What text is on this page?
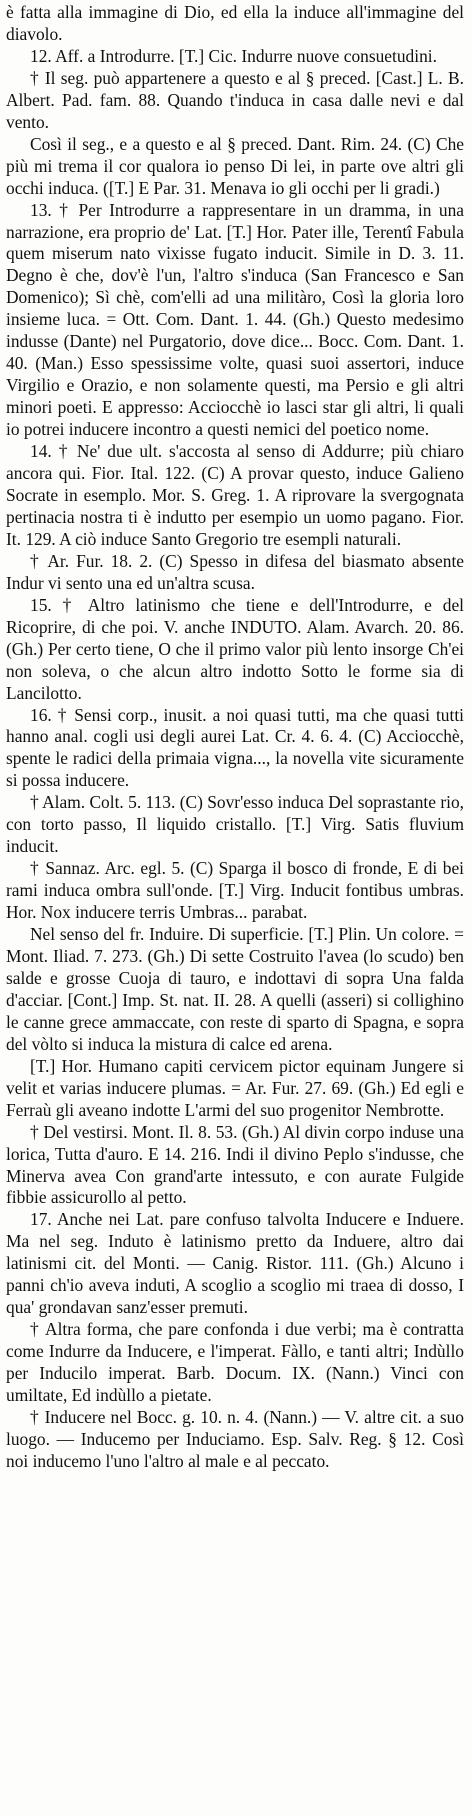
è fatta alla immagine di Dio, ed ella la induce all'immagine del diavolo.

12. Aff. a Introdurre. [T.] Cic. Indurre nuove consuetudini.

† Il seg. può appartenere a questo e al § preced. [Cast.] L. B. Albert. Pad. fam. 88. Quando t'induca in casa dalle nevi e dal vento.

Così il seg., e a questo e al § preced. Dant. Rim. 24. (C) Che più mi trema il cor qualora io penso Di lei, in parte ove altri gli occhi induca. ([T.] E Par. 31. Menava io gli occhi per li gradi.)

13. † Per Introdurre a rappresentare in un dramma, in una narrazione, era proprio de' Lat. [T.] Hor. Pater ille, Terentî Fabula quem miserum nato vixisse fugato inducit. Simile in D. 3. 11. Degno è che, dov'è l'un, l'altro s'induca (San Francesco e San Domenico); Sì chè, com'elli ad una militàro, Così la gloria loro insieme luca. = Ott. Com. Dant. 1. 44. (Gh.) Questo medesimo indusse (Dante) nel Purgatorio, dove dice... Bocc. Com. Dant. 1. 40. (Man.) Esso spessissime volte, quasi suoi assertori, induce Virgilio e Orazio, e non solamente questi, ma Persio e gli altri minori poeti. E appresso: Acciocchè io lasci star gli altri, li quali io potrei inducere incontro a questi nemici del poetico nome.

14. † Ne' due ult. s'accosta al senso di Addurre; più chiaro ancora qui. Fior. Ital. 122. (C) A provar questo, induce Galieno Socrate in esemplo. Mor. S. Greg. 1. A riprovare la svergognata pertinacia nostra ti è indutto per esempio un uomo pagano. Fior. It. 129. A ciò induce Santo Gregorio tre esempli naturali.

† Ar. Fur. 18. 2. (C) Spesso in difesa del biasmato absente Indur vi sento una ed un'altra scusa.

15. † Altro latinismo che tiene e dell'Introdurre, e del Ricoprire, di che poi. V. anche INDUTO. Alam. Avarch. 20. 86. (Gh.) Per certo tiene, O che il primo valor più lento insorge Ch'ei non soleva, o che alcun altro indotto Sotto le forme sia di Lancilotto.

16. † Sensi corp., inusit. a noi quasi tutti, ma che quasi tutti hanno anal. cogli usi degli aurei Lat. Cr. 4. 6. 4. (C) Acciocchè, spente le radici della primaia vigna..., la novella vite sicuramente si possa inducere.

† Alam. Colt. 5. 113. (C) Sovr'esso induca Del soprastante rio, con torto passo, Il liquido cristallo. [T.] Virg. Satis fluvium inducit.

† Sannaz. Arc. egl. 5. (C) Sparga il bosco di fronde, E di bei rami induca ombra sull'onde. [T.] Virg. Inducit fontibus umbras. Hor. Nox inducere terris Umbras... parabat.

Nel senso del fr. Induire. Di superficie. [T.] Plin. Un colore. = Mont. Iliad. 7. 273. (Gh.) Di sette Costruito l'avea (lo scudo) ben salde e grosse Cuoja di tauro, e indottavi di sopra Una falda d'acciar. [Cont.] Imp. St. nat. II. 28. A quelli (asseri) si collighino le canne grece ammaccate, con reste di sparto di Spagna, e sopra del vòlto si induca la mistura di calce ed arena.

[T.] Hor. Humano capiti cervicem pictor equinam Jungere si velit et varias inducere plumas. = Ar. Fur. 27. 69. (Gh.) Ed egli e Ferraù gli aveano indotte L'armi del suo progenitor Nembrotte.

† Del vestirsi. Mont. Il. 8. 53. (Gh.) Al divin corpo induse una lorica, Tutta d'auro. E 14. 216. Indi il divino Peplo s'indusse, che Minerva avea Con grand'arte intessuto, e con aurate Fulgide fibbie assicurollo al petto.

17. Anche nei Lat. pare confuso talvolta Inducere e Induere. Ma nel seg. Induto è latinismo pretto da Induere, altro dai latinismi cit. del Monti. — Canig. Ristor. 111. (Gh.) Alcuno i panni ch'io aveva induti, A scoglio a scoglio mi traea di dosso, I qua' grondavan sanz'esser premuti.

† Altra forma, che pare confonda i due verbi; ma è contratta come Indurre da Inducere, e l'imperat. Fàllo, e tanti altri; Indùllo per Inducilo imperat. Barb. Docum. IX. (Nann.) Vinci con umiltate, Ed indùllo a pietate.

† Inducere nel Bocc. g. 10. n. 4. (Nann.) — V. altre cit. a suo luogo. — Inducemo per Induciamo. Esp. Salv. Reg. § 12. Così noi inducemo l'uno l'altro al male e al peccato.
